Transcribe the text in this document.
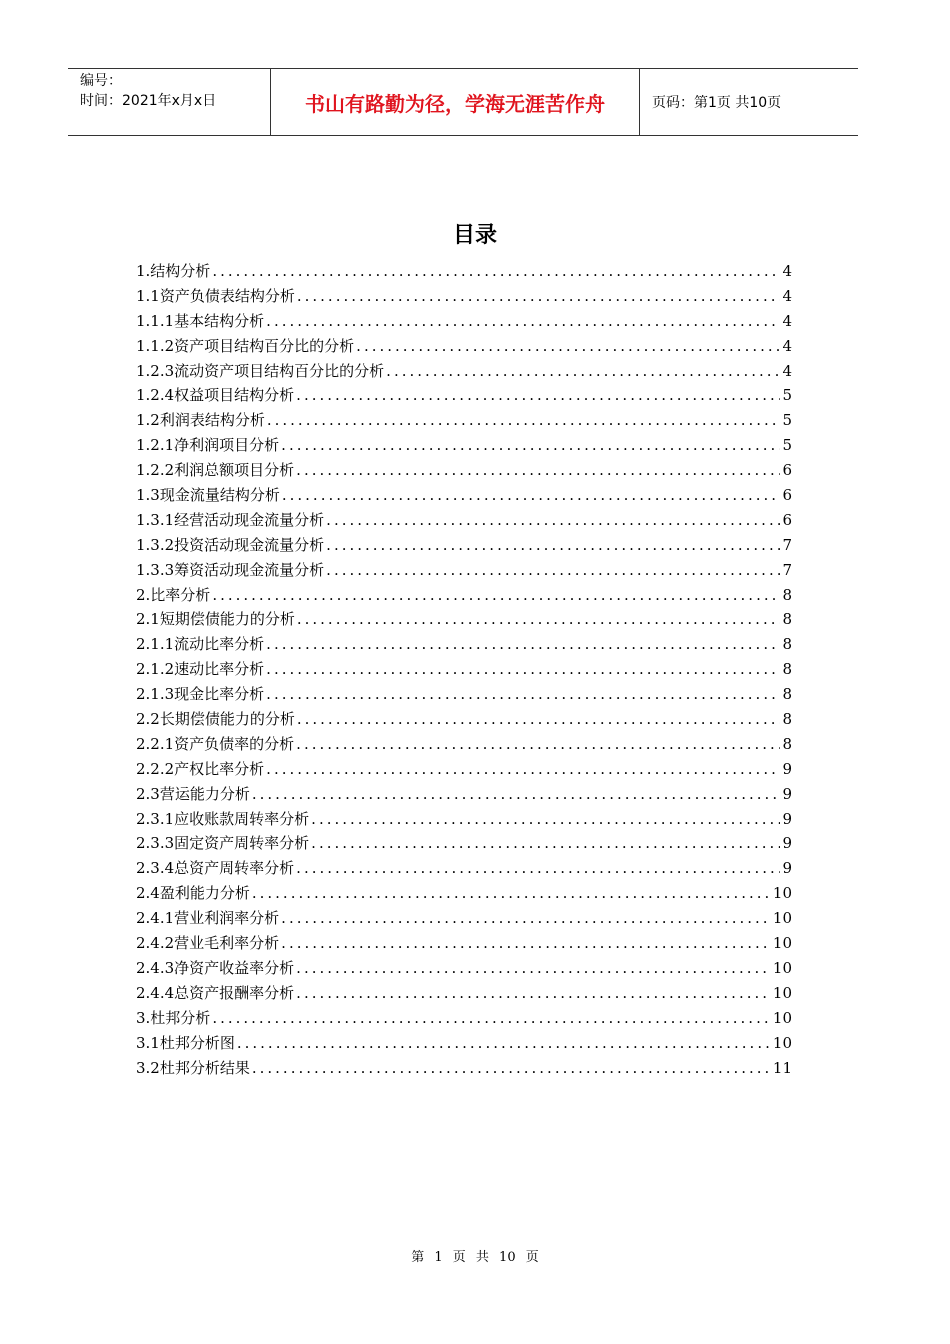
编号：
时间：2021年x月x日	书山有路勤为径，学海无涯苦作舟	页码：第1页 共10页
目录
1.结构分析 .....	4
1.1资产负债表结构分析 .....	4
1.1.1基本结构分析 .....	4
1.1.2资产项目结构百分比的分析 .....	4
1.2.3流动资产项目结构百分比的分析 .....	4
1.2.4权益项目结构分析 .....	5
1.2利润表结构分析 .....	5
1.2.1净利润项目分析 .....	5
1.2.2利润总额项目分析 .....	6
1.3现金流量结构分析 .....	6
1.3.1经营活动现金流量分析 .....	6
1.3.2投资活动现金流量分析 .....	7
1.3.3筹资活动现金流量分析 .....	7
2.比率分析 .....	8
2.1短期偿债能力的分析 .....	8
2.1.1流动比率分析 .....	8
2.1.2速动比率分析 .....	8
2.1.3现金比率分析 .....	8
2.2长期偿债能力的分析 .....	8
2.2.1资产负债率的分析 .....	8
2.2.2产权比率分析 .....	9
2.3营运能力分析 .....	9
2.3.1应收账款周转率分析 .....	9
2.3.3固定资产周转率分析 .....	9
2.3.4总资产周转率分析 .....	9
2.4盈利能力分析 .....	10
2.4.1营业利润率分析 .....	10
2.4.2营业毛利率分析 .....	10
2.4.3净资产收益率分析 .....	10
2.4.4总资产报酬率分析 .....	10
3.杜邦分析 .....	10
3.1杜邦分析图 .....	10
3.2杜邦分析结果 .....	11
第 1 页 共 10 页
